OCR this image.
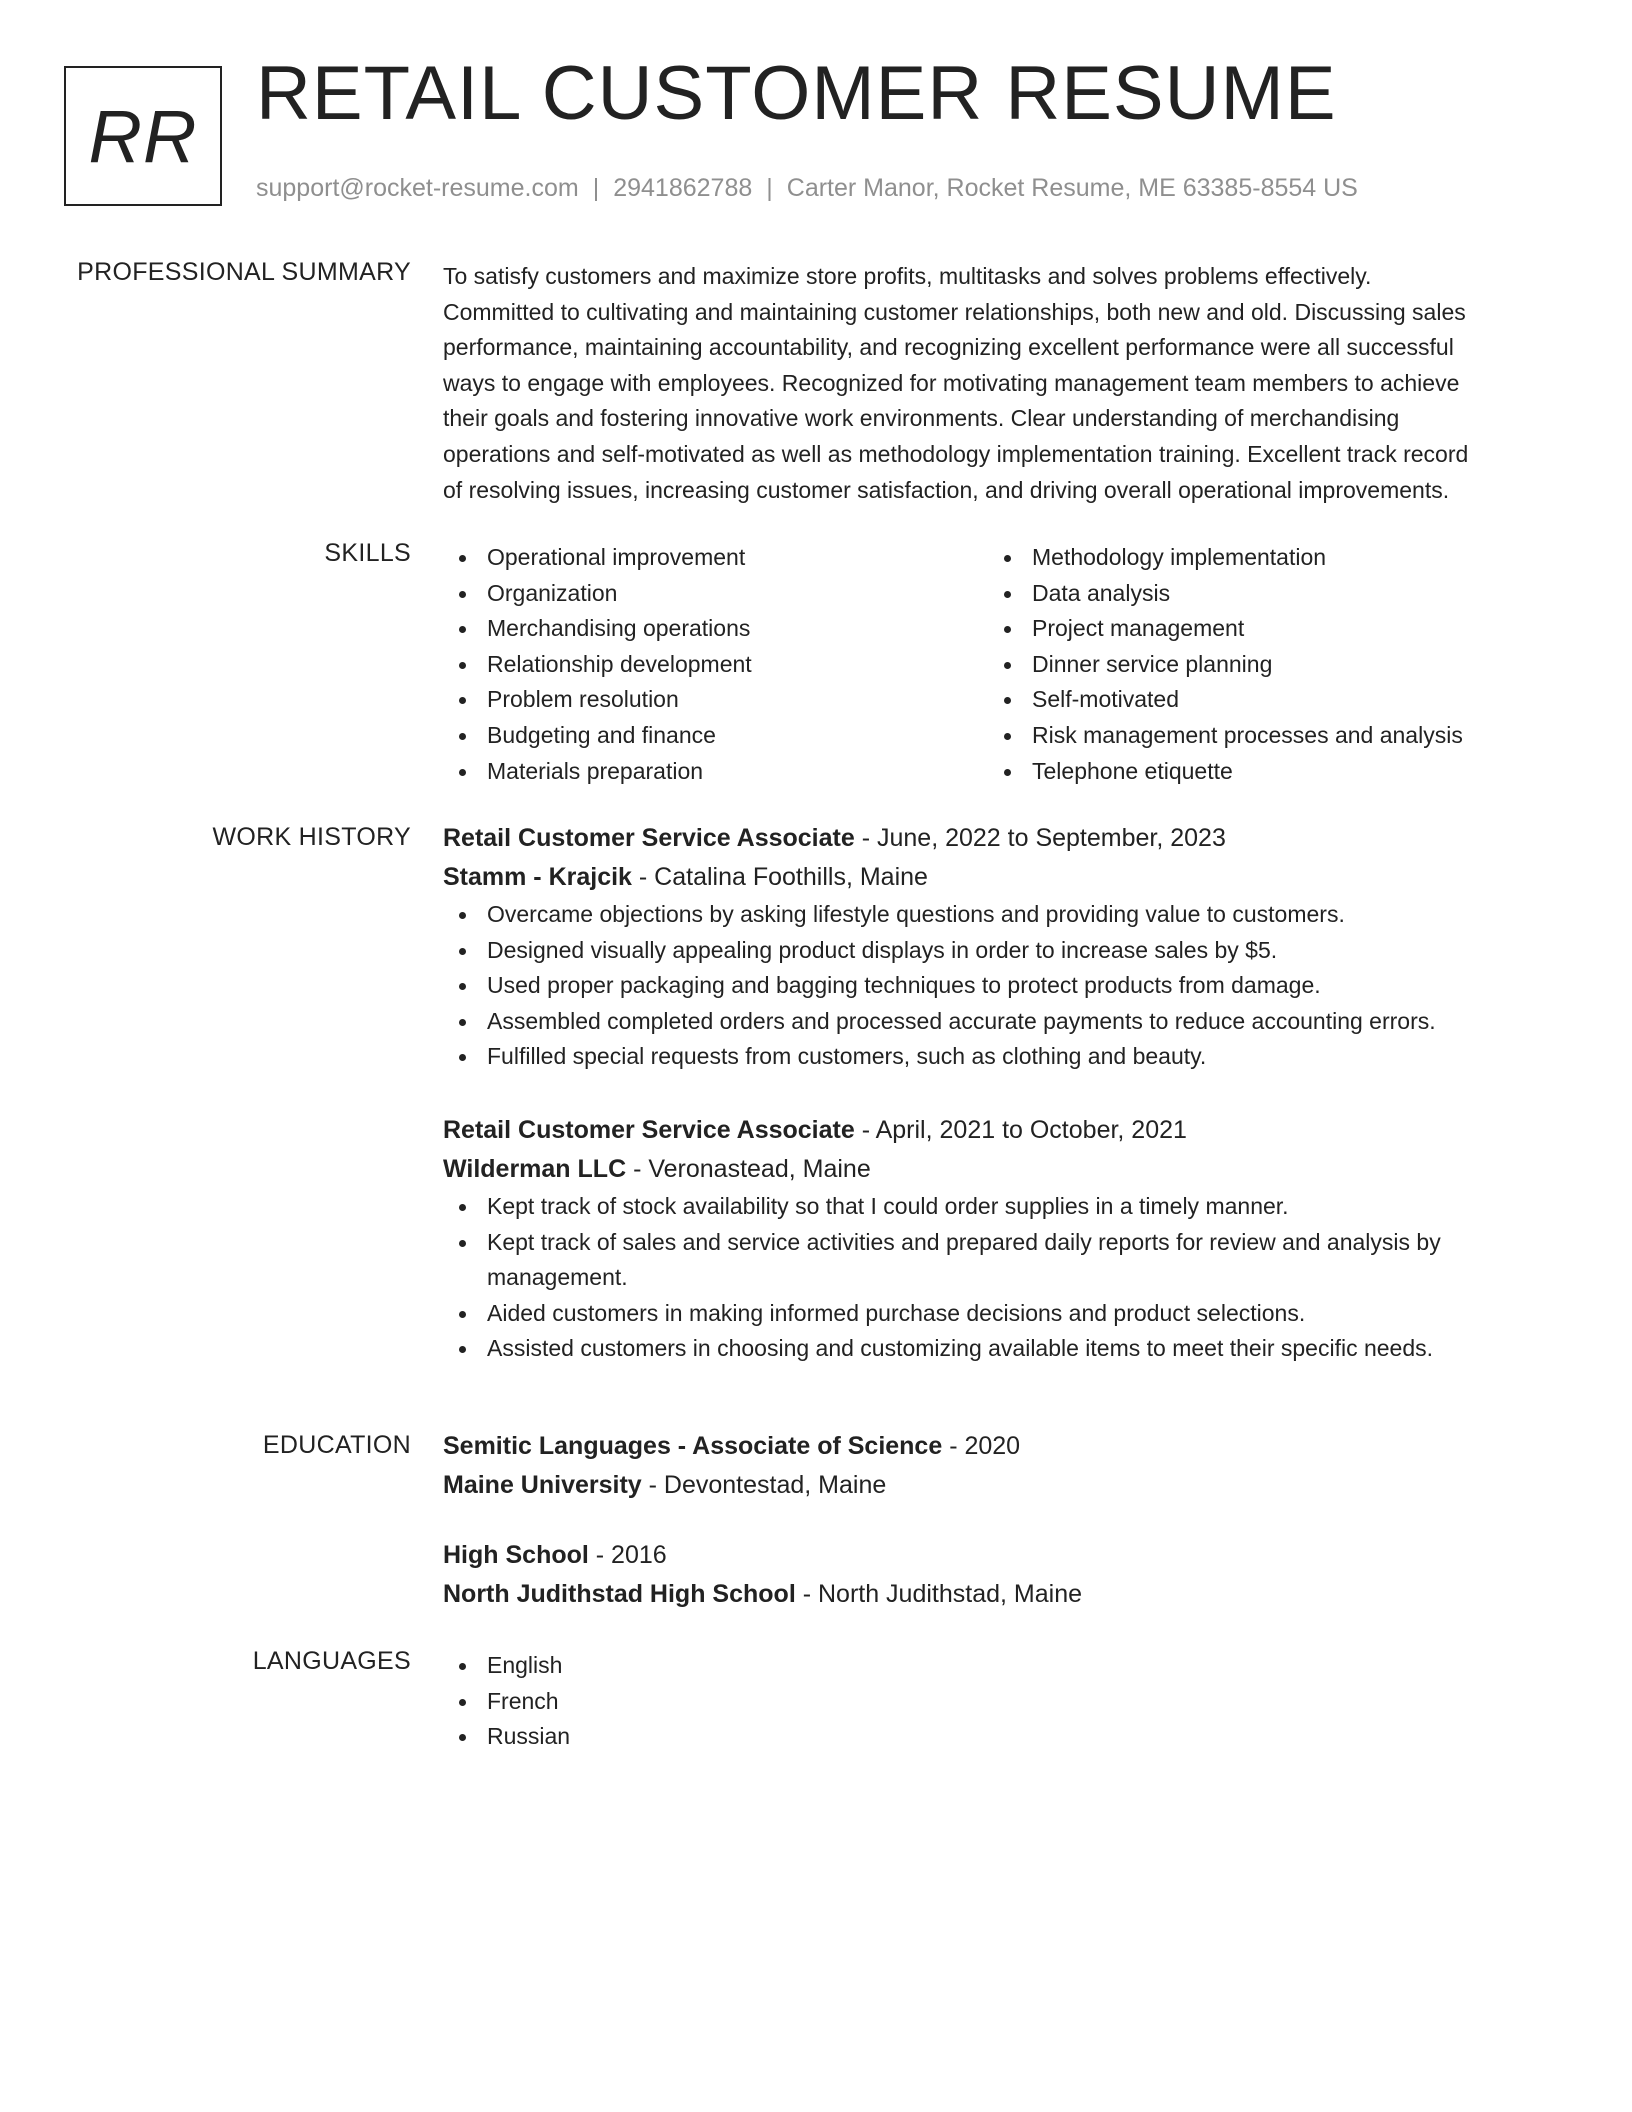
RR RETAIL CUSTOMER RESUME
support@rocket-resume.com | 2941862788 | Carter Manor, Rocket Resume, ME 63385-8554 US
PROFESSIONAL SUMMARY To satisfy customers and maximize store profits, multitasks and solves problems effectively.
Committed to cultivating and maintaining customer relationships, both new and old. Discussing sales
performance, maintaining accountability, and recognizing excellent performance were all successful
ways to engage with employees. Recognized for motivating management team members to achieve
their goals and fostering innovative work environments. Clear understanding of merchandising
operations and self-motivated as well as methodology implementation training. Excellent track record
of resolving issues, increasing customer satisfaction, and driving overall operational improvements.

SKILLS	Operational improvement
Organization
Merchandising operations
Relationship development
Problem resolution
Budgeting and finance
Materials preparation
Methodology implementation
Data analysis
Project management
Dinner service planning
Self-motivated
Risk management processes and analysis
Telephone etiquette
WORK HISTORY Retail Customer Service Associate - June, 2022 to September, 2023
Stamm - Krajcik - Catalina Foothills, Maine
Overcame objections by asking lifestyle questions and providing value to customers.
Designed visually appealing product displays in order to increase sales by $5.
Used proper packaging and bagging techniques to protect products from damage.
Assembled completed orders and processed accurate payments to reduce accounting errors.
Fulfilled special requests from customers, such as clothing and beauty.
Retail Customer Service Associate - April, 2021 to October, 2021
Wilderman LLC - Veronastead, Maine
Kept track of stock availability so that I could order supplies in a timely manner.
Kept track of sales and service activities and prepared daily reports for review and analysis by management.
Aided customers in making informed purchase decisions and product selections.
Assisted customers in choosing and customizing available items to meet their specific needs.
EDUCATION Semitic Languages - Associate of Science - 2020
Maine University - Devontestad, Maine
High School - 2016
North Judithstad High School - North Judithstad, Maine
LANGUAGES	English
French
Russian
